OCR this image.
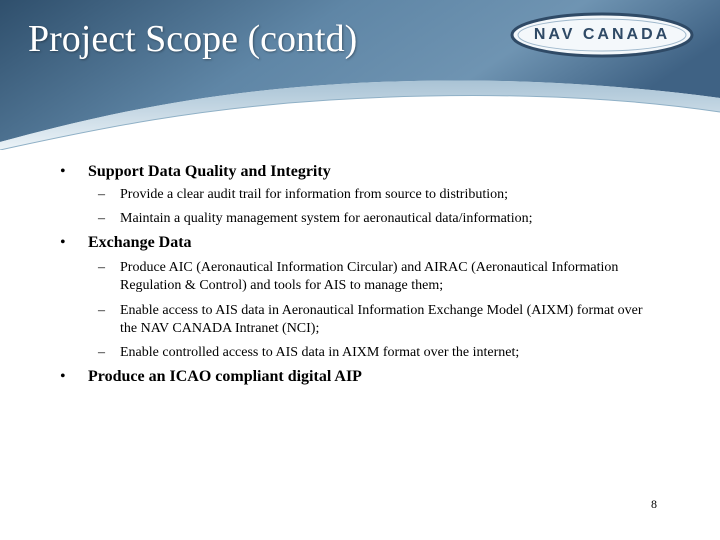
Project Scope (contd)	NAV CANADA
• Support Data Quality and Integrity
– Provide a clear audit trail for information from source to distribution;
– Maintain a quality management system for aeronautical data/information;
• Exchange Data
– Produce AIC (Aeronautical Information Circular) and AIRAC (Aeronautical Information Regulation & Control) and tools for AIS to manage them;
– Enable access to AIS data in Aeronautical Information Exchange Model (AIXM) format over the NAV CANADA Intranet (NCI);
– Enable controlled access to AIS data in AIXM format over the internet;
• Produce an ICAO compliant digital AIP
8
